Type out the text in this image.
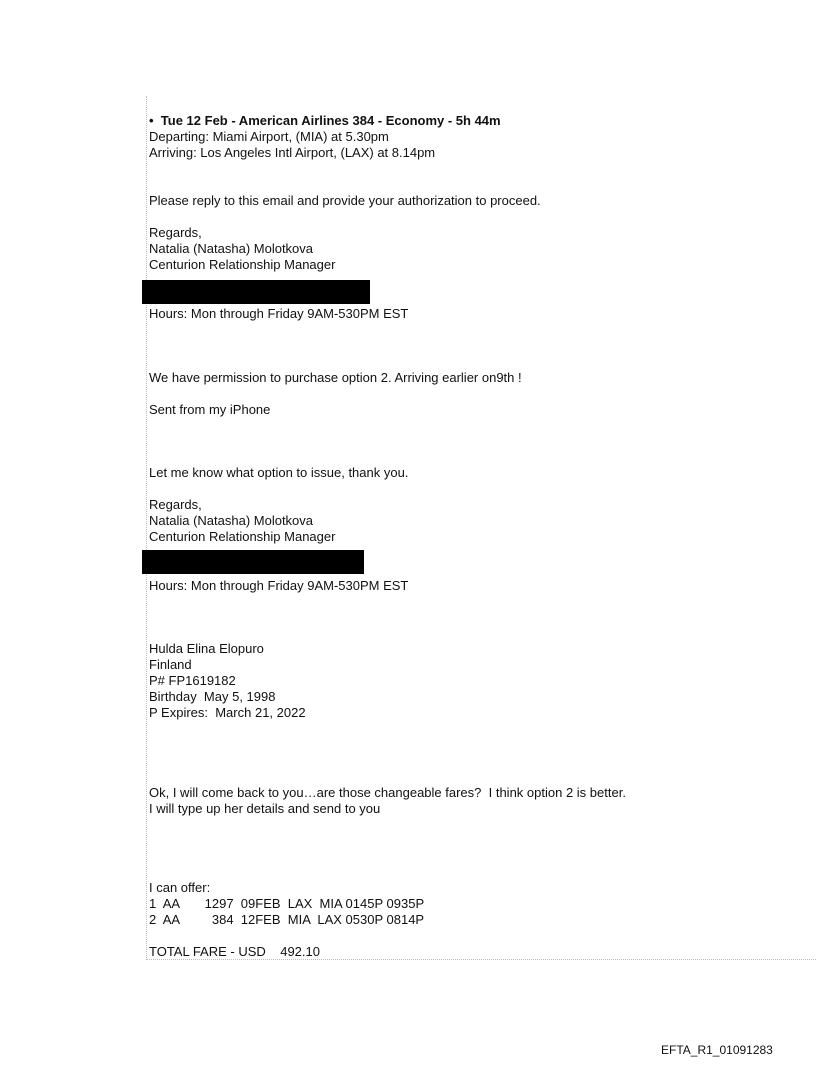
• Tue 12 Feb - American Airlines 384 - Economy - 5h 44m
Departing: Miami Airport, (MIA) at 5.30pm
Arriving: Los Angeles Intl Airport, (LAX) at 8.14pm
Please reply to this email and provide your authorization to proceed.
Regards,
Natalia (Natasha) Molotkova
Centurion Relationship Manager
Hours: Mon through Friday 9AM-530PM EST
We have permission to purchase option 2. Arriving earlier on9th !
Sent from my iPhone
Let me know what option to issue, thank you.
Regards,
Natalia (Natasha) Molotkova
Centurion Relationship Manager
Hours: Mon through Friday 9AM-530PM EST
Hulda Elina Elopuro
Finland
P# FP1619182
Birthday  May 5, 1998
P Expires:  March 21, 2022
Ok, I will come back to you…are those changeable fares?  I think option 2 is better.
I will type up her details and send to you
I can offer:
1  AA       1297  09FEB  LAX  MIA 0145P 0935P
2  AA         384  12FEB  MIA  LAX 0530P 0814P
TOTAL FARE - USD    492.10
EFTA_R1_01091283
